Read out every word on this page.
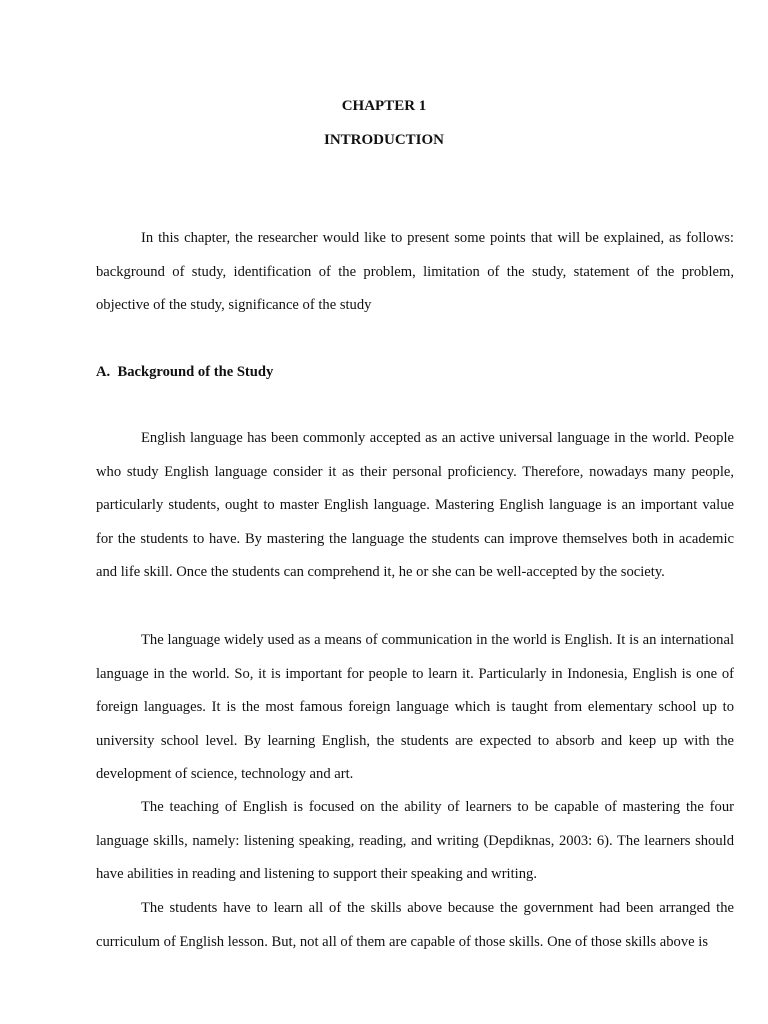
CHAPTER 1
INTRODUCTION

In this chapter, the researcher would like to present some points that will be explained, as follows: background of study, identification of the problem, limitation of the study, statement of the problem, objective of the study, significance of the study

A.  Background of the Study

English language has been commonly accepted as an active universal language in the world. People who study English language consider it as their personal proficiency. Therefore, nowadays many people, particularly students, ought to master English language. Mastering English language is an important value for the students to have. By mastering the language the students can improve themselves both in academic and life skill. Once the students can comprehend it, he or she can be well-accepted by the society.

The language widely used as a means of communication in the world is English. It is an international language in the world. So, it is important for people to learn it. Particularly in Indonesia, English is one of foreign languages. It is the most famous foreign language which is taught from elementary school up to university school level. By learning English, the students are expected to absorb and keep up with the development of science, technology and art.

The teaching of English is focused on the ability of learners to be capable of mastering the four language skills, namely: listening speaking, reading, and writing (Depdiknas, 2003: 6). The learners should have abilities in reading and listening to support their speaking and writing.

The students have to learn all of the skills above because the government had been arranged the curriculum of English lesson. But, not all of them are capable of those skills. One of those skills above is
